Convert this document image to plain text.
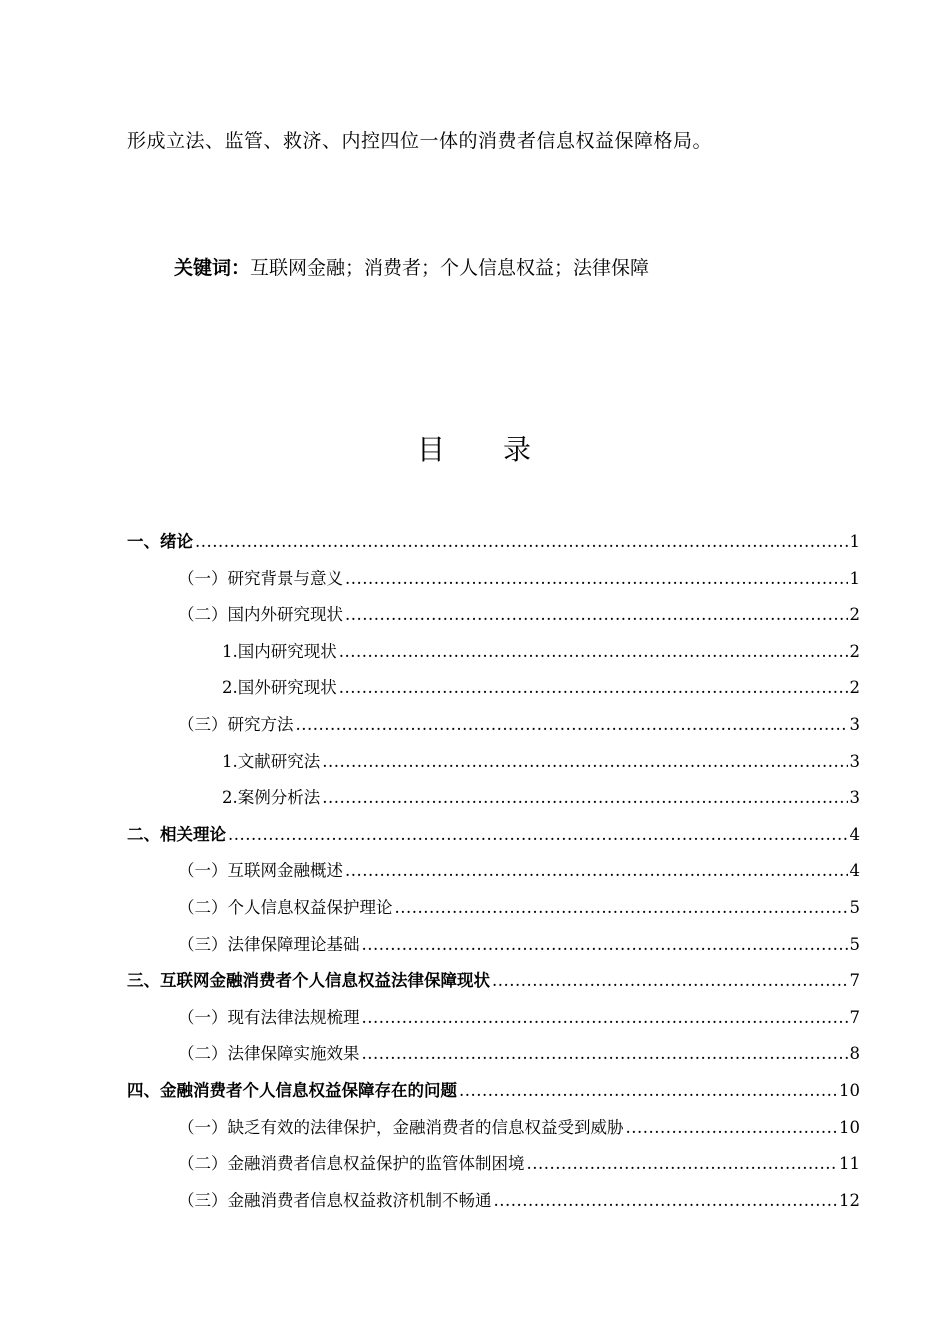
形成立法、监管、救济、内控四位一体的消费者信息权益保障格局。
关键词：互联网金融；消费者；个人信息权益；法律保障
目 录
一、绪论 .....	1
（一）研究背景与意义 .....	1
（二）国内外研究现状 .....	2
1.国内研究现状 .....	2
2.国外研究现状 .....	2
（三）研究方法 .....	3
1.文献研究法 .....	3
2.案例分析法 .....	3
二、相关理论 .....	4
（一）互联网金融概述 .....	4
（二）个人信息权益保护理论 .....	5
（三）法律保障理论基础 .....	5
三、互联网金融消费者个人信息权益法律保障现状 .....	7
（一）现有法律法规梳理 .....	7
（二）法律保障实施效果 .....	8
四、金融消费者个人信息权益保障存在的问题 .....	10
（一）缺乏有效的法律保护，金融消费者的信息权益受到威胁 .....	10
（二）金融消费者信息权益保护的监管体制困境 .....	11
（三）金融消费者信息权益救济机制不畅通 .....	12
